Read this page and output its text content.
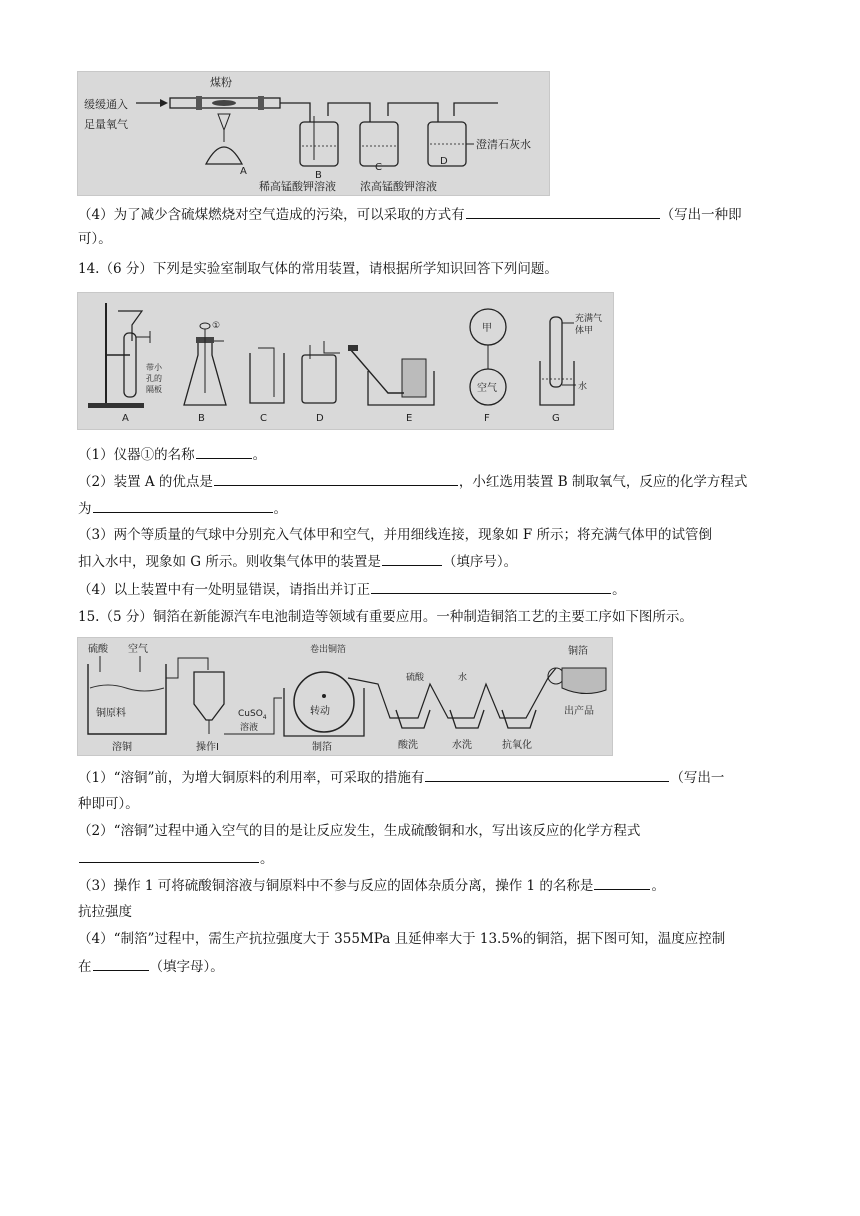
缓缓通入
足量氧气
煤粉
A	B
C
D
澄清石灰水
稀高锰酸钾溶液 浓高锰酸钾溶液
（4）为了减少含硫煤燃烧对空气造成的污染，可以采取的方式有	（写出一种即
可）。
14.（6 分）下列是实验室制取气体的常用装置，请根据所学知识回答下列问题。
带小
孔的
隔板
A
①
B	C	D	E
甲
空气
F
充满气
体甲
水
G
（1）仪器①的名称	。
（2）装置 A 的优点是	，小红选用装置 B 制取氧气，反应的化学方程式
为	。
（3）两个等质量的气球中分别充入气体甲和空气，并用细线连接，现象如 F 所示；将充满气体甲的试管倒
扣入水中，现象如 G 所示。则收集气体甲的装置是	（填序号）。
（4）以上装置中有一处明显错误，请指出并订正	。
15.（5 分）铜箔在新能源汽车电池制造等领域有重要应用。一种制造铜箔工艺的主要工序如下图所示。
硫酸 空气
铜原料
溶铜	操作Ⅰ
CuSO$_4$
溶液
卷出铜箔
转动
制箔
硫酸	水
酸洗	水洗	抗氧化
铜箔
出产品
（1）“溶铜”前，为增大铜原料的利用率，可采取的措施有	（写出一
种即可）。
（2）“溶铜”过程中通入空气的目的是让反应发生，生成硫酸铜和水，写出该反应的化学方程式
。
（3）操作 1 可将硫酸铜溶液与铜原料中不参与反应的固体杂质分离，操作 1 的名称是	。
抗拉强度
（4）“制箔”过程中，需生产抗拉强度大于 355MPa 且延伸率大于 13.5%的铜箔，据下图可知，温度应控制
在	（填字母）。
